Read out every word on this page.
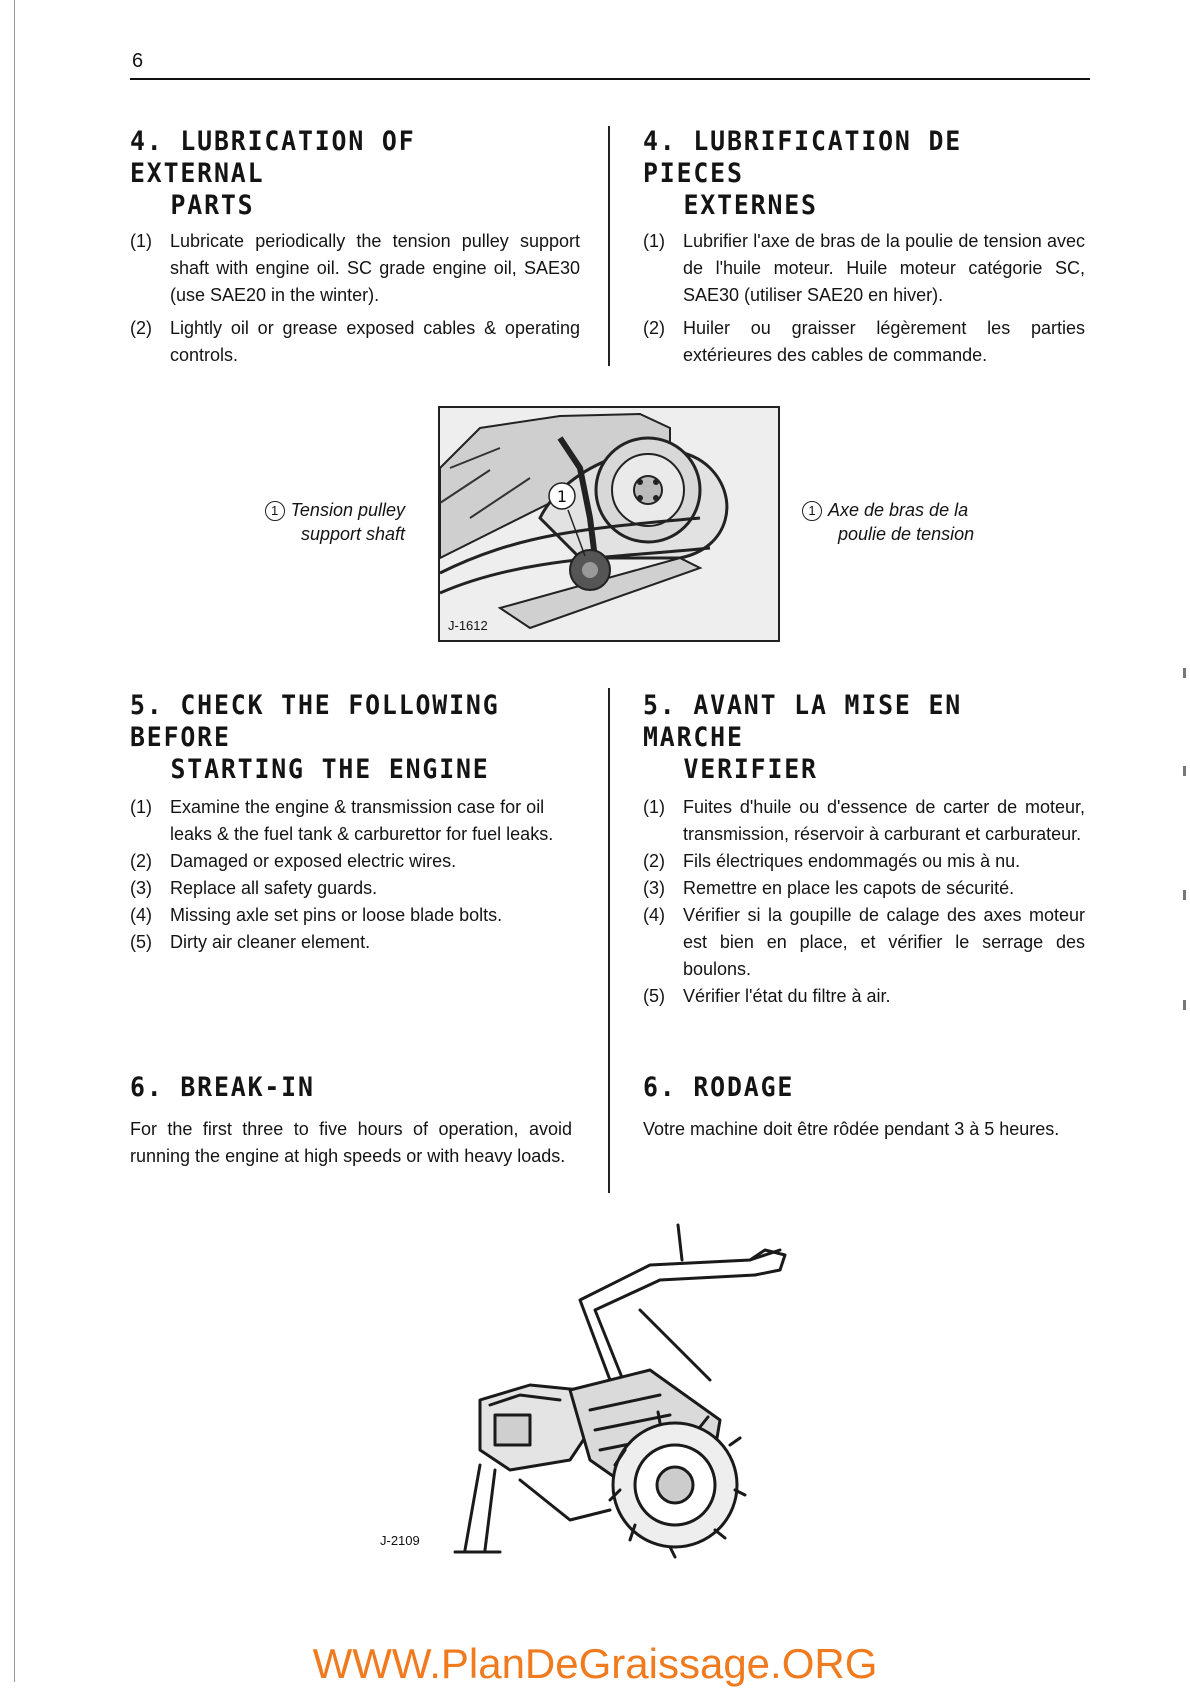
6
4. LUBRICATION OF EXTERNAL
PARTS
(1) Lubricate periodically the tension pulley support shaft with engine oil. SC grade engine oil, SAE30 (use SAE20 in the winter).
(2) Lightly oil or grease exposed cables & operating controls.
4. LUBRIFICATION DE PIECES
EXTERNES
(1) Lubrifier l'axe de bras de la poulie de tension avec de l'huile moteur. Huile moteur catégorie SC, SAE30 (utiliser SAE20 en hiver).
(2) Huiler ou graisser légèrement les parties extérieures des cables de commande.
1 Tension pulley
support shaft
1 Axe de bras de la
poulie de tension
1
J-1612
5. CHECK THE FOLLOWING BEFORE
STARTING THE ENGINE
(1) Examine the engine & transmission case for oil leaks & the fuel tank & carburettor for fuel leaks.
(2) Damaged or exposed electric wires.
(3) Replace all safety guards.
(4) Missing axle set pins or loose blade bolts.
(5) Dirty air cleaner element.
5. AVANT LA MISE EN MARCHE
VERIFIER
(1) Fuites d'huile ou d'essence de carter de moteur, transmission, réservoir à carburant et carburateur.
(2) Fils électriques endommagés ou mis à nu.
(3) Remettre en place les capots de sécurité.
(4) Vérifier si la goupille de calage des axes moteur est bien en place, et vérifier le serrage des boulons.
(5) Vérifier l'état du filtre à air.
6. BREAK-IN

For the first three to five hours of operation, avoid running the engine at high speeds or with heavy loads.

6. RODAGE

Votre machine doit être rôdée pendant 3 à 5 heures.

J-2109
WWW.PlanDeGraissage.ORG
